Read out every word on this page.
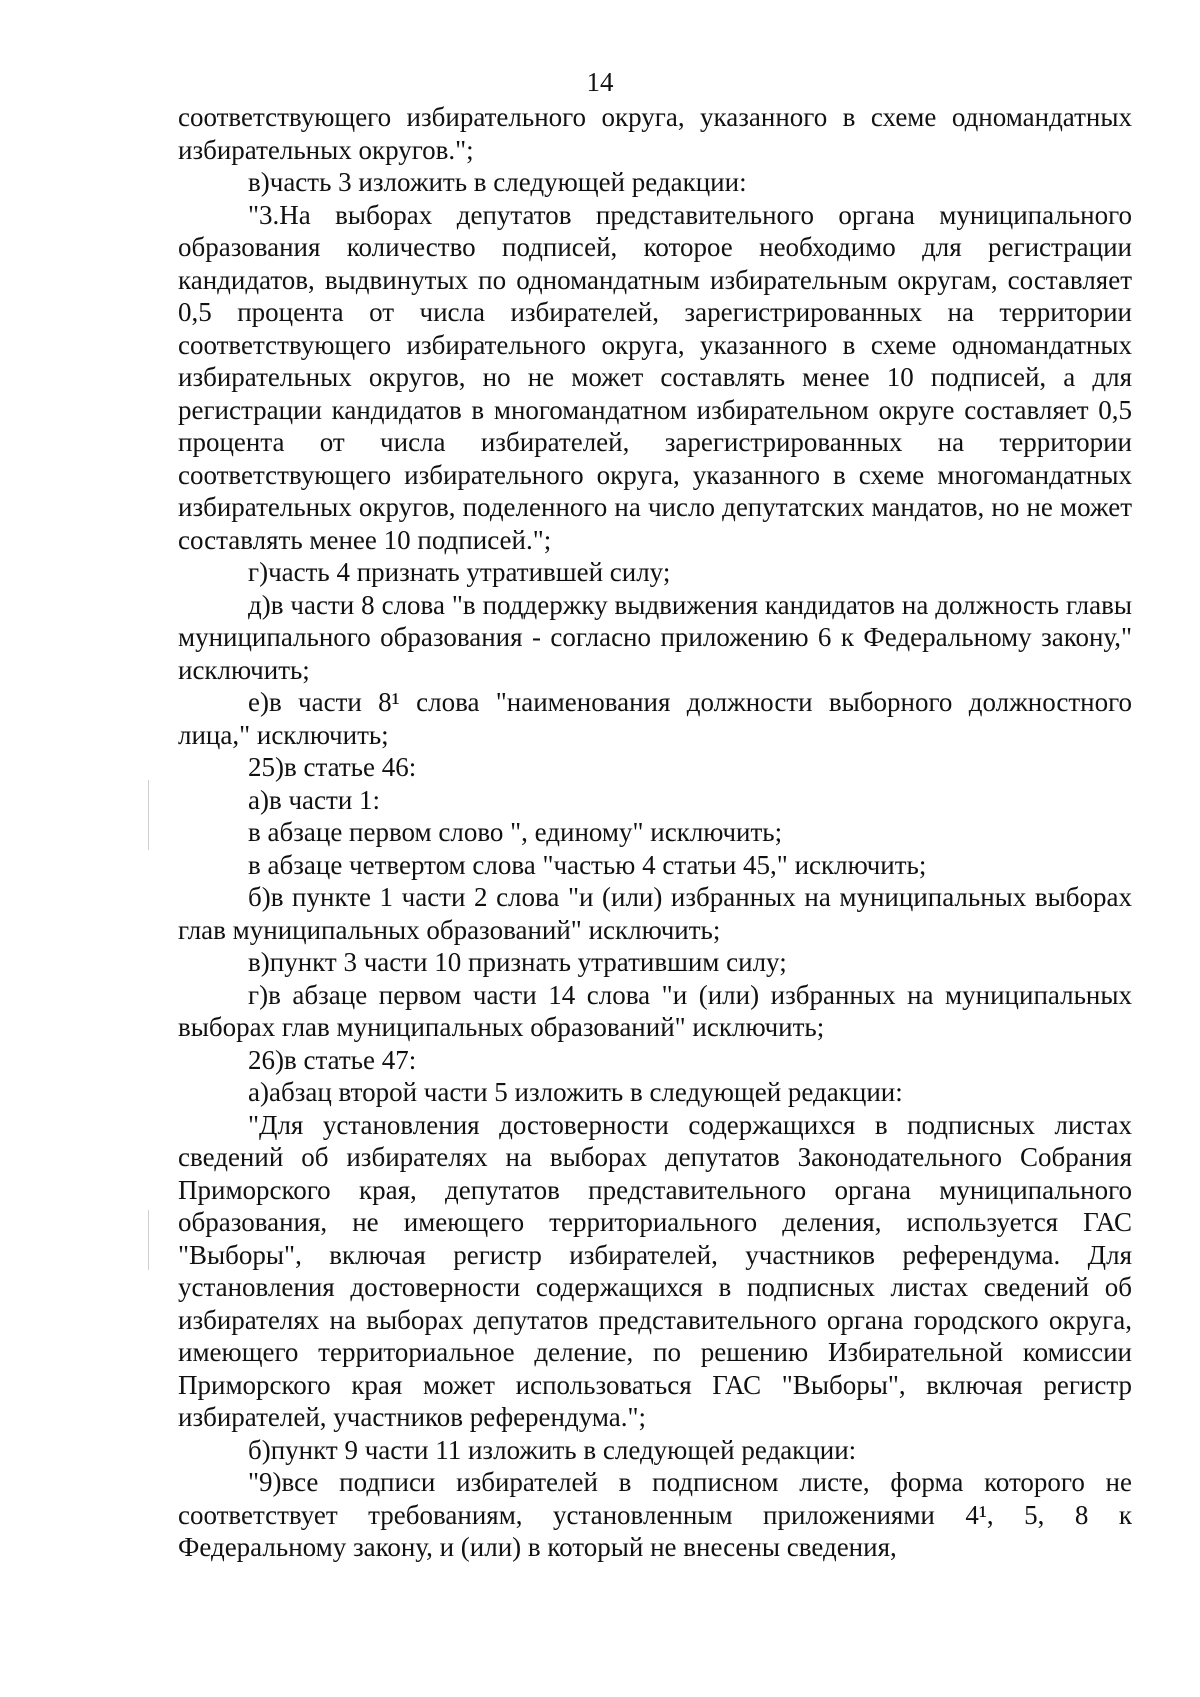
14

соответствующего избирательного округа, указанного в схеме одномандатных избирательных округов.";

в)часть 3 изложить в следующей редакции:

"3.На выборах депутатов представительного органа муниципального образования количество подписей, которое необходимо для регистрации кандидатов, выдвинутых по одномандатным избирательным округам, составляет 0,5 процента от числа избирателей, зарегистрированных на территории соответствующего избирательного округа, указанного в схеме одномандатных избирательных округов, но не может составлять менее 10 подписей, а для регистрации кандидатов в многомандатном избирательном округе составляет 0,5 процента от числа избирателей, зарегистрированных на территории соответствующего избирательного округа, указанного в схеме многомандатных избирательных округов, поделенного на число депутатских мандатов, но не может составлять менее 10 подписей.";

г)часть 4 признать утратившей силу;

д)в части 8 слова "в поддержку выдвижения кандидатов на должность главы муниципального образования - согласно приложению 6 к Федеральному закону," исключить;

е)в части 8¹ слова "наименования должности выборного должностного лица," исключить;

25)в статье 46:

а)в части 1:

в абзаце первом слово ", единому" исключить;

в абзаце четвертом слова "частью 4 статьи 45," исключить;

б)в пункте 1 части 2 слова "и (или) избранных на муниципальных выборах глав муниципальных образований" исключить;

в)пункт 3 части 10 признать утратившим силу;

г)в абзаце первом части 14 слова "и (или) избранных на муниципальных выборах глав муниципальных образований" исключить;

26)в статье 47:

а)абзац второй части 5 изложить в следующей редакции:

"Для установления достоверности содержащихся в подписных листах сведений об избирателях на выборах депутатов Законодательного Собрания Приморского края, депутатов представительного органа муниципального образования, не имеющего территориального деления, используется ГАС "Выборы", включая регистр избирателей, участников референдума. Для установления достоверности содержащихся в подписных листах сведений об избирателях на выборах депутатов представительного органа городского округа, имеющего территориальное деление, по решению Избирательной комиссии Приморского края может использоваться ГАС "Выборы", включая регистр избирателей, участников референдума.";

б)пункт 9 части 11 изложить в следующей редакции:

"9)все подписи избирателей в подписном листе, форма которого не соответствует требованиям, установленным приложениями 4¹, 5, 8 к Федеральному закону, и (или) в который не внесены сведения,
